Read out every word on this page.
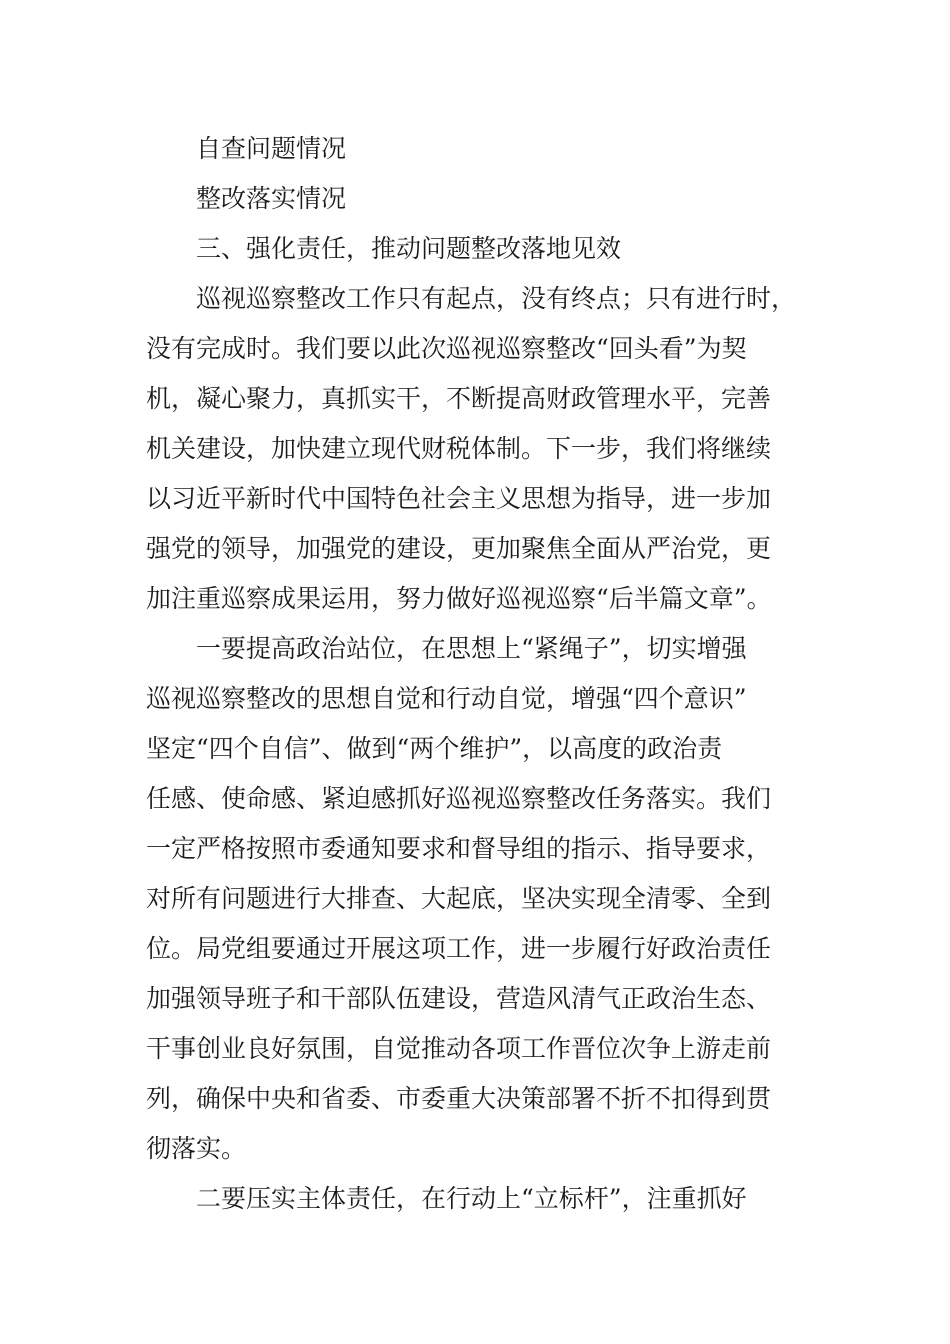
自查问题情况

整改落实情况

三、强化责任，推动问题整改落地见效

巡视巡察整改工作只有起点，没有终点；只有进行时，

没有完成时。我们要以此次巡视巡察整改“回头看”为契

机，凝心聚力，真抓实干，不断提高财政管理水平，完善

机关建设，加快建立现代财税体制。下一步，我们将继续

以习近平新时代中国特色社会主义思想为指导，进一步加

强党的领导，加强党的建设，更加聚焦全面从严治党，更

加注重巡察成果运用，努力做好巡视巡察“后半篇文章”。

一要提高政治站位，在思想上“紧绳子”，切实增强

巡视巡察整改的思想自觉和行动自觉，增强“四个意识”

坚定“四个自信”、做到“两个维护”，以高度的政治责

任感、使命感、紧迫感抓好巡视巡察整改任务落实。我们

一定严格按照市委通知要求和督导组的指示、指导要求，

对所有问题进行大排查、大起底，坚决实现全清零、全到

位。局党组要通过开展这项工作，进一步履行好政治责任

加强领导班子和干部队伍建设，营造风清气正政治生态、

干事创业良好氛围，自觉推动各项工作晋位次争上游走前

列，确保中央和省委、市委重大决策部署不折不扣得到贯

彻落实。

二要压实主体责任，在行动上“立标杆”，注重抓好
